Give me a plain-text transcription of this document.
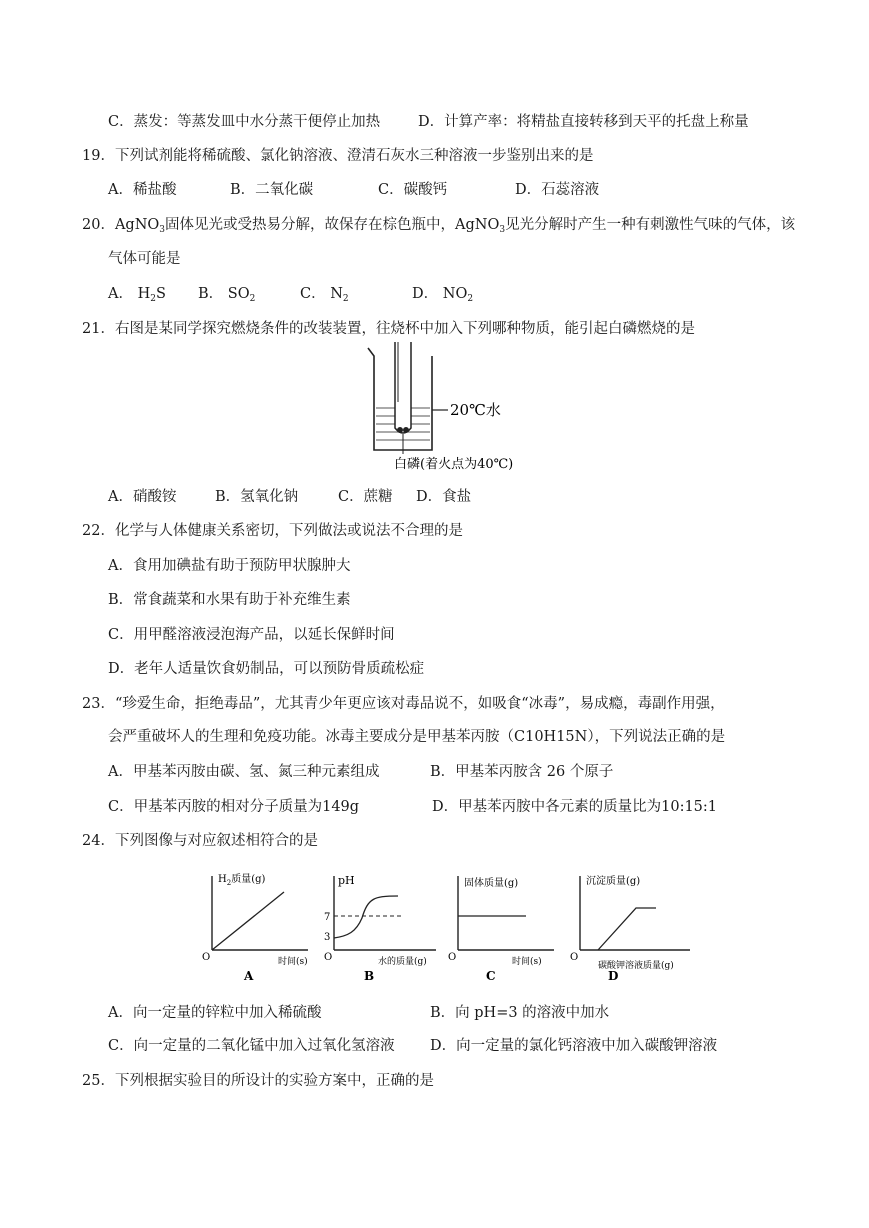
C．蒸发：等蒸发皿中水分蒸干便停止加热	D．计算产率：将精盐直接转移到天平的托盘上称量
19．下列试剂能将稀硫酸、氯化钠溶液、澄清石灰水三种溶液一步鉴别出来的是
A．稀盐酸	B．二氧化碳	C．碳酸钙	D．石蕊溶液
20．AgNO$_3$固体见光或受热易分解，故保存在棕色瓶中，AgNO$_3$见光分解时产生一种有刺激性气味的气体，该
气体可能是
A． $H_2S$ B． $SO_2$	C． $N_2$	D． $NO_2$
21．右图是某同学探究燃烧条件的改装装置，往烧杯中加入下列哪种物质，能引起白磷燃烧的是
20℃水
白磷(着火点为40℃)
A．硝酸铵	B．氢氧化钠	C．蔗糖 D．食盐
22．化学与人体健康关系密切，下列做法或说法不合理的是
A．食用加碘盐有助于预防甲状腺肿大
B．常食蔬菜和水果有助于补充维生素
C．用甲醛溶液浸泡海产品，以延长保鲜时间
D．老年人适量饮食奶制品，可以预防骨质疏松症
23．“珍爱生命，拒绝毒品”，尤其青少年更应该对毒品说不，如吸食“冰毒”，易成瘾，毒副作用强，
会严重破坏人的生理和免疫功能。冰毒主要成分是甲基苯丙胺（C10H15N），下列说法正确的是
A．甲基苯丙胺由碳、氢、氮三种元素组成	B．甲基苯丙胺含 26 个原子
C．甲基苯丙胺的相对分子质量为149g	D．甲基苯丙胺中各元素的质量比为10:15:1
24．下列图像与对应叙述相符合的是
$H_2$质量(g)
时间(s)
O
A
pH
7
3
水的质量(g)
O
B
固体质量(g)
时间(s)
O
C
沉淀质量(g)
碳酸钾溶液质量(g)
O
D
A．向一定量的锌粒中加入稀硫酸	B．向 pH=3 的溶液中加水
C．向一定量的二氧化锰中加入过氧化氢溶液 D．向一定量的氯化钙溶液中加入碳酸钾溶液
25．下列根据实验目的所设计的实验方案中，正确的是
